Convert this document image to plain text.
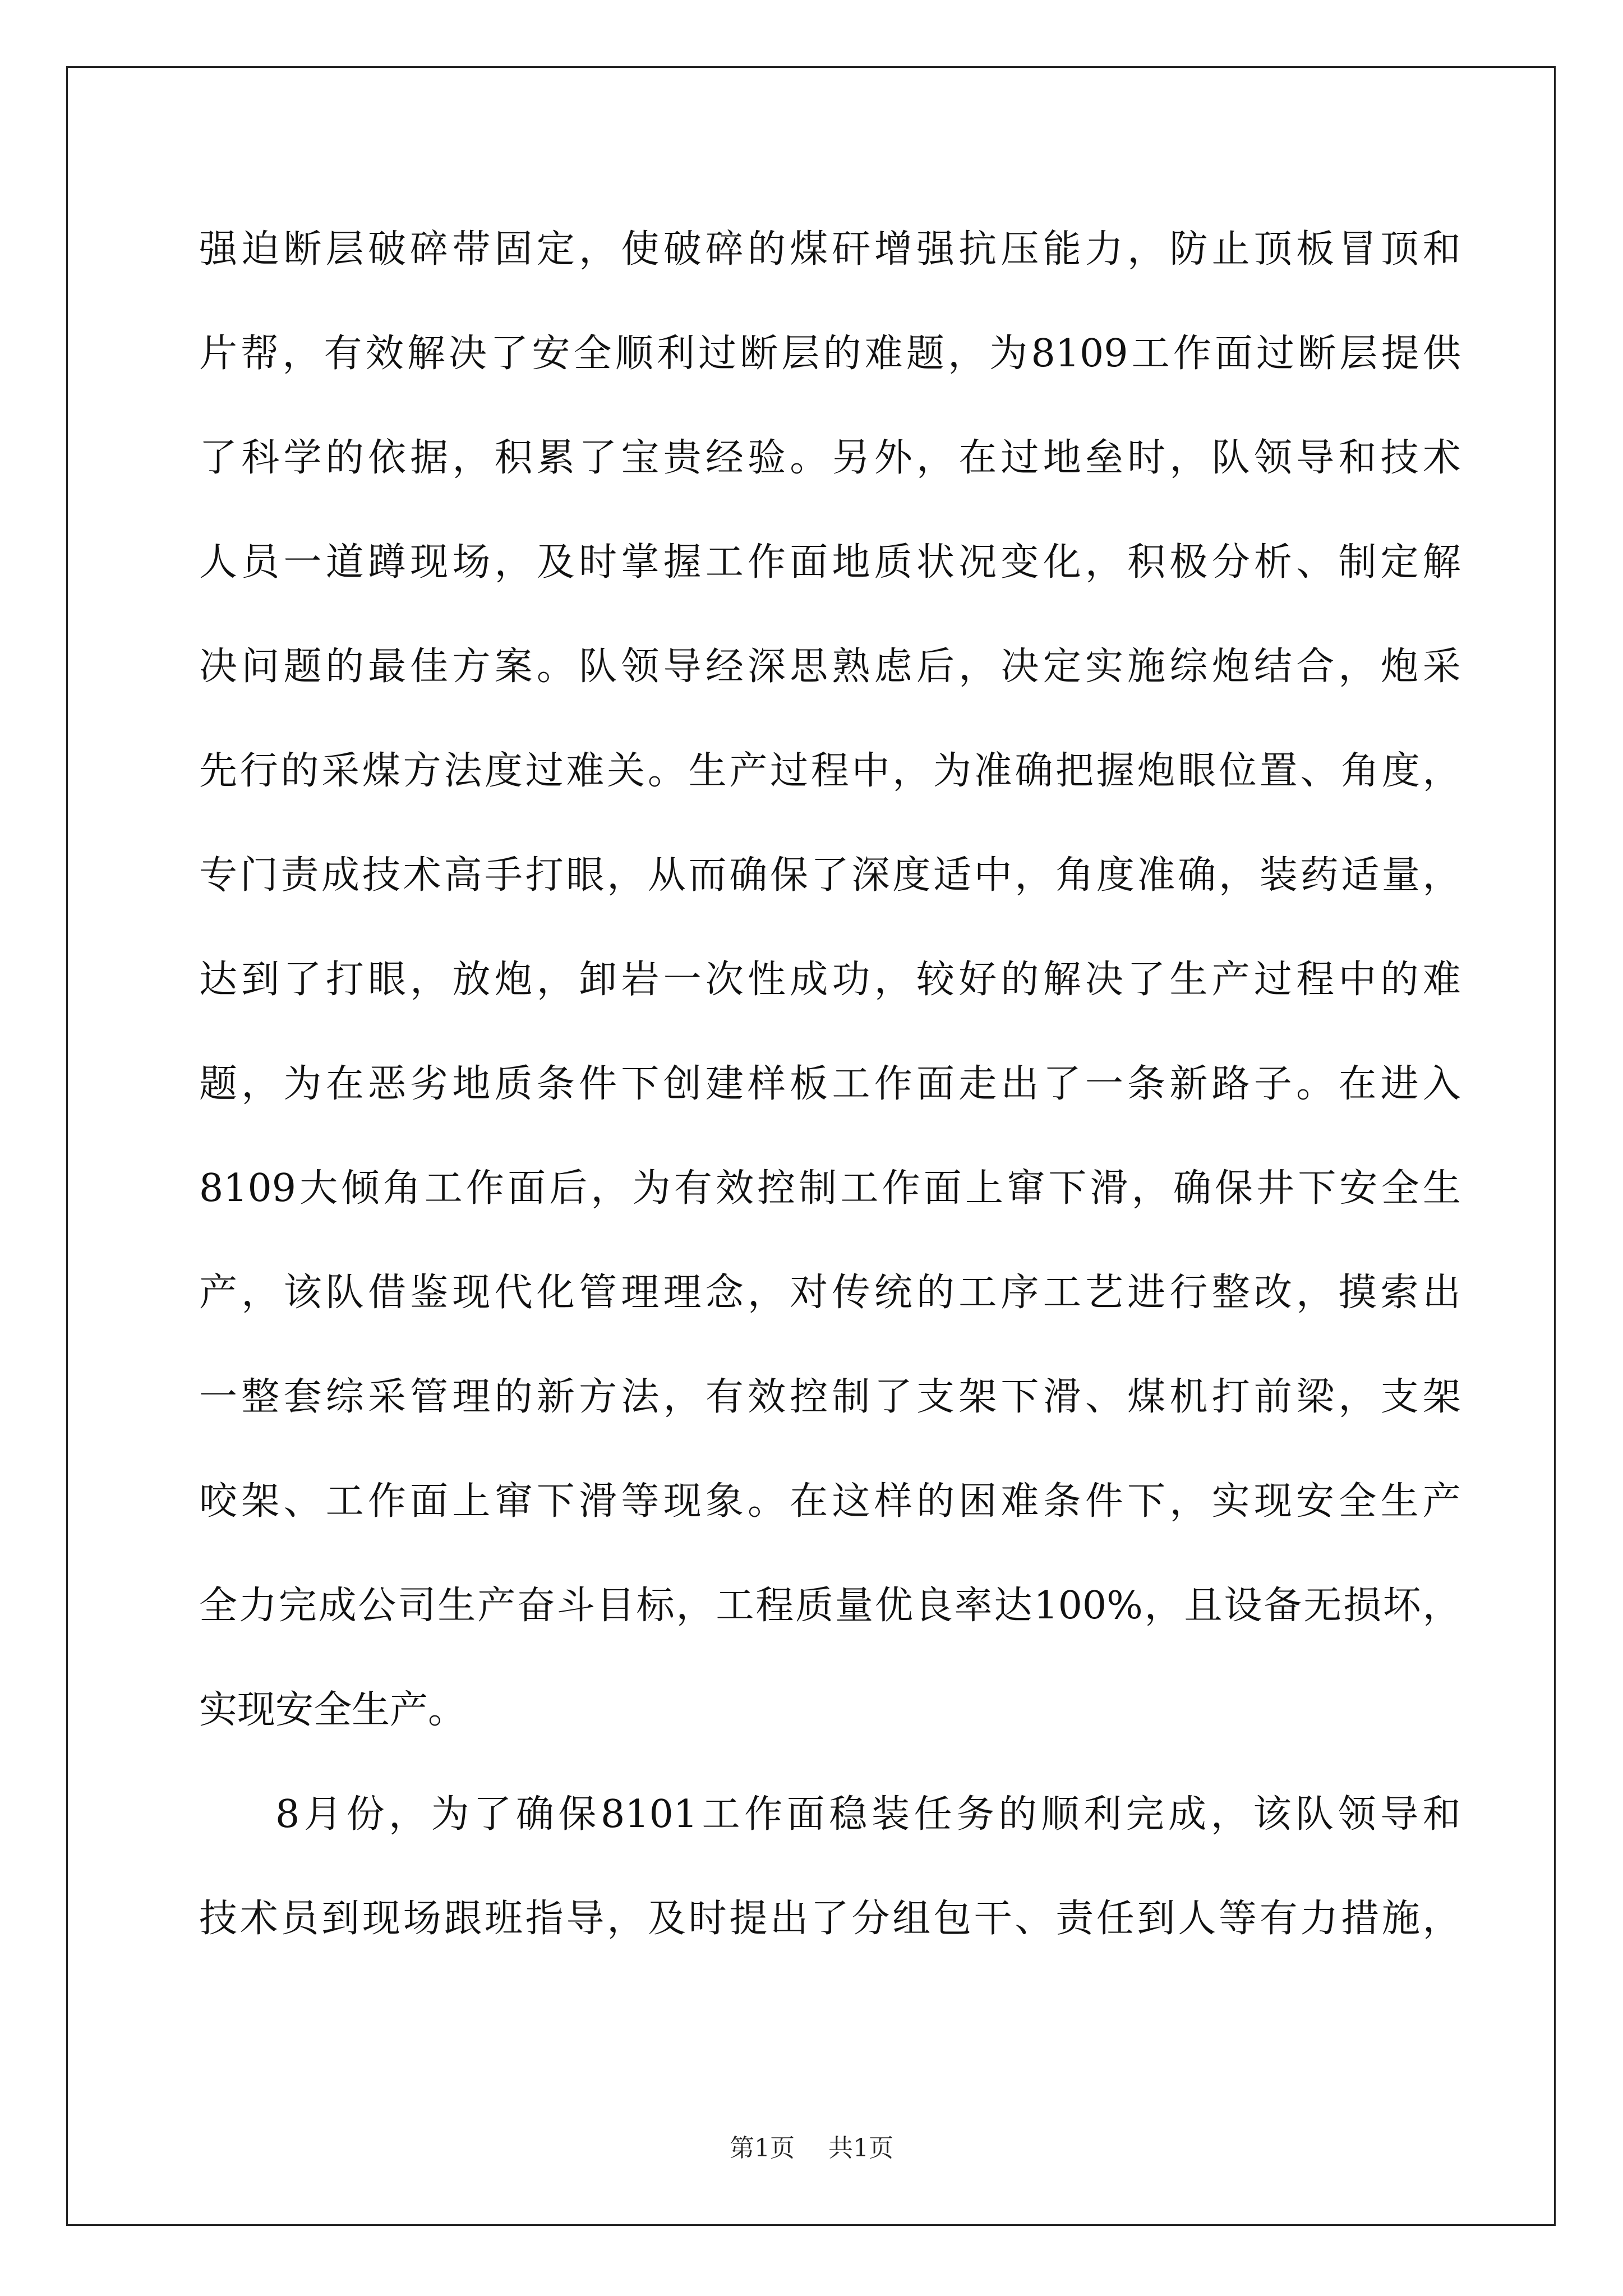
强 迫 断 层 破 碎 带 固 定 ， 使 破 碎 的 煤 矸 增 强 抗 压 能 力 ， 防 止 顶 板 冒 顶 和
片 帮 ， 有 效 解 决 了 安 全 顺 利 过 断 层 的 难 题 ， 为 8109 工 作 面 过 断 层 提 供
了 科 学 的 依 据 ， 积 累 了 宝 贵 经 验 。 另 外 ， 在 过 地 垒 时 ， 队 领 导 和 技 术
人 员 一 道 蹲 现 场 ， 及 时 掌 握 工 作 面 地 质 状 况 变 化 ， 积 极 分 析 、 制 定 解
决 问 题 的 最 佳 方 案 。 队 领 导 经 深 思 熟 虑 后 ， 决 定 实 施 综 炮 结 合 ， 炮 采
先 行 的 采 煤 方 法 度 过 难 关 。 生 产 过 程 中 ， 为 准 确 把 握 炮 眼 位 置 、 角 度 ，
专 门 责 成 技 术 高 手 打 眼 ， 从 而 确 保 了 深 度 适 中 ， 角 度 准 确 ， 装 药 适 量 ，
达 到 了 打 眼 ， 放 炮 ， 卸 岩 一 次 性 成 功 ， 较 好 的 解 决 了 生 产 过 程 中 的 难
题 ， 为 在 恶 劣 地 质 条 件 下 创 建 样 板 工 作 面 走 出 了 一 条 新 路 子 。 在 进 入
8109 大 倾 角 工 作 面 后 ， 为 有 效 控 制 工 作 面 上 窜 下 滑 ， 确 保 井 下 安 全 生
产 ， 该 队 借 鉴 现 代 化 管 理 理 念 ， 对 传 统 的 工 序 工 艺 进 行 整 改 ， 摸 索 出
一 整 套 综 采 管 理 的 新 方 法 ， 有 效 控 制 了 支 架 下 滑 、 煤 机 打 前 梁 ， 支 架
咬 架 、 工 作 面 上 窜 下 滑 等 现 象 。 在 这 样 的 困 难 条 件 下 ， 实 现 安 全 生 产
全 力 完 成 公 司 生 产 奋 斗 目 标 ， 工 程 质 量 优 良 率 达 100% ， 且 设 备 无 损 坏 ，
实现安全生产。
8 月 份 ， 为 了 确 保 8101 工 作 面 稳 装 任 务 的 顺 利 完 成 ， 该 队 领 导 和
技 术 员 到 现 场 跟 班 指 导 ， 及 时 提 出 了 分 组 包 干 、 责 任 到 人 等 有 力 措 施 ，
第1页 共1页
